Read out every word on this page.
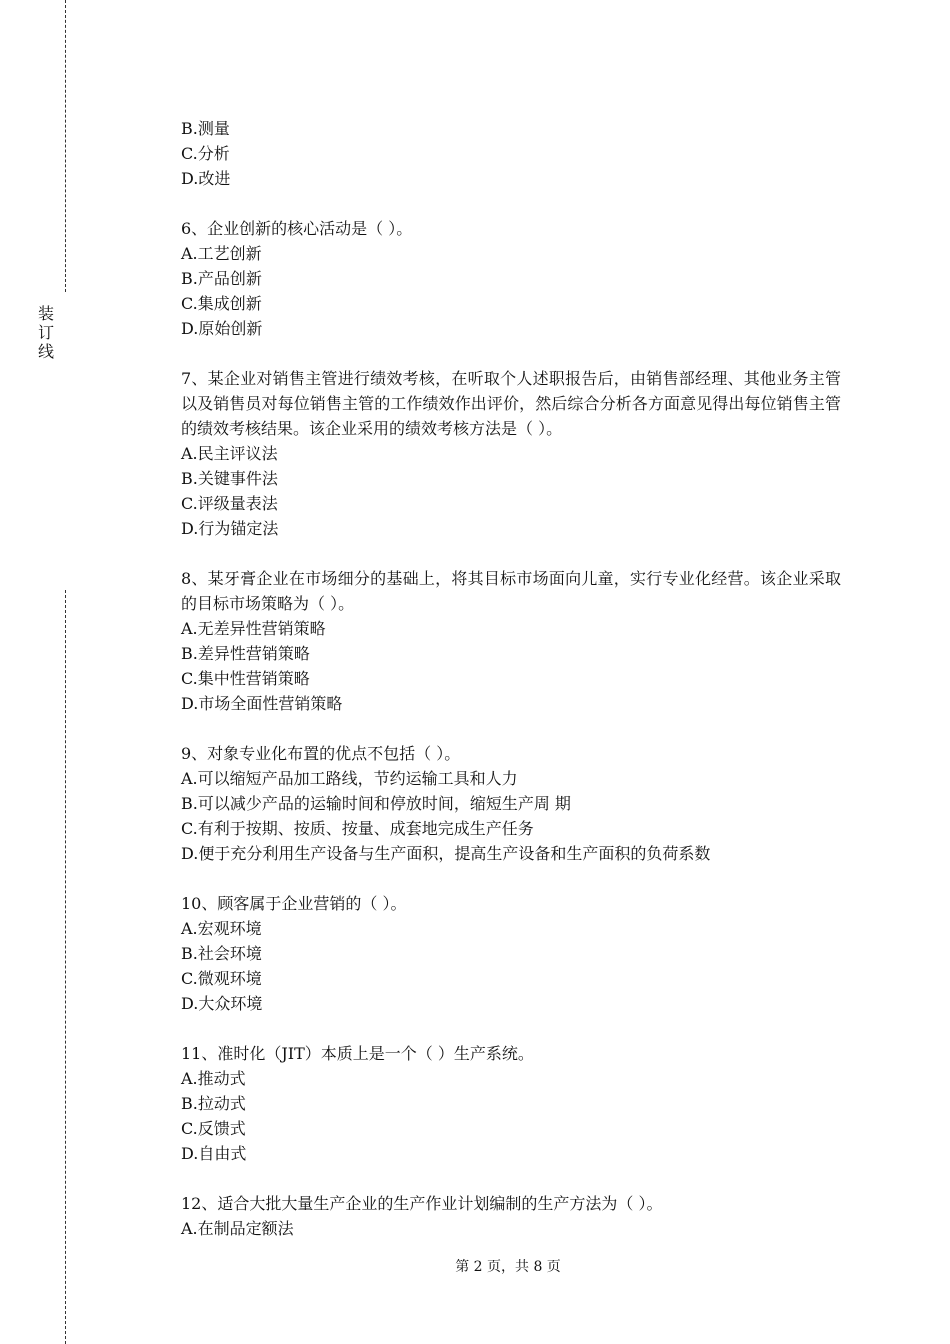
装订线
B.测量
C.分析
D.改进
6、企业创新的核心活动是（ ）。
A.工艺创新
B.产品创新
C.集成创新
D.原始创新
7、某企业对销售主管进行绩效考核，在听取个人述职报告后，由销售部经理、其他业务主管以及销售员对每位销售主管的工作绩效作出评价，然后综合分析各方面意见得出每位销售主管的绩效考核结果。该企业采用的绩效考核方法是（ ）。
A.民主评议法
B.关键事件法
C.评级量表法
D.行为锚定法
8、某牙膏企业在市场细分的基础上，将其目标市场面向儿童，实行专业化经营。该企业采取的目标市场策略为（ ）。
A.无差异性营销策略
B.差异性营销策略
C.集中性营销策略
D.市场全面性营销策略
9、对象专业化布置的优点不包括（ ）。
A.可以缩短产品加工路线，节约运输工具和人力
B.可以减少产品的运输时间和停放时间，缩短生产周 期
C.有利于按期、按质、按量、成套地完成生产任务
D.便于充分利用生产设备与生产面积，提高生产设备和生产面积的负荷系数
10、顾客属于企业营销的（ ）。
A.宏观环境
B.社会环境
C.微观环境
D.大众环境
11、准时化（JIT）本质上是一个（ ）生产系统。
A.推动式
B.拉动式
C.反馈式
D.自由式
12、适合大批大量生产企业的生产作业计划编制的生产方法为（ ）。
A.在制品定额法
第 2 页，共 8 页
